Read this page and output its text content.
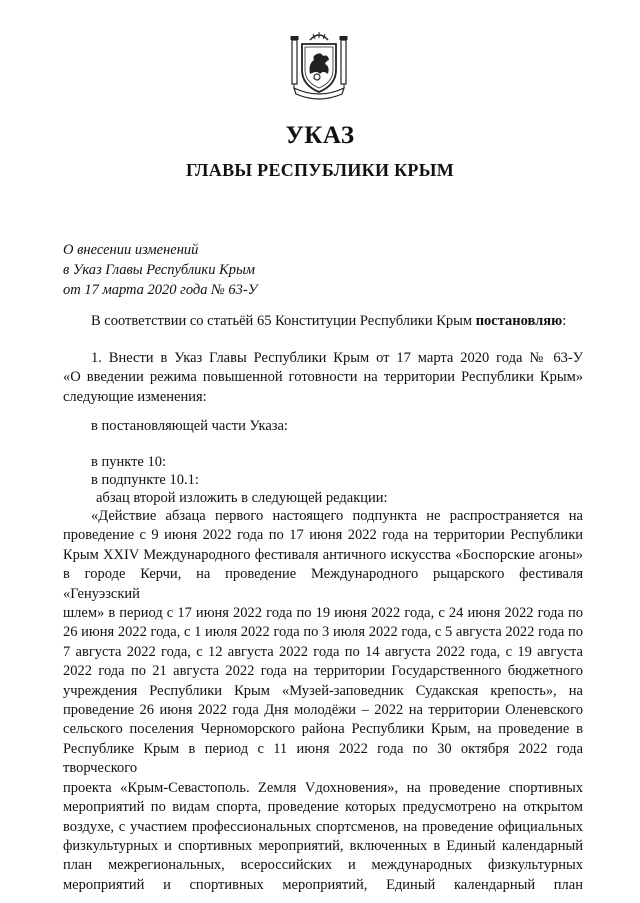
УКАЗ
ГЛАВЫ РЕСПУБЛИКИ КРЫМ
О внесении изменений
в Указ Главы Республики Крым
от 17 марта 2020 года № 63-У
В соответствии со статьёй 65 Конституции Республики Крым постановляю:
1. Внести в Указ Главы Республики Крым от 17 марта 2020 года № 63-У
«О введении режима повышенной готовности на территории Республики Крым»
следующие изменения:
в постановляющей части Указа:
в пункте 10:
в подпункте 10.1:
абзац второй изложить в следующей редакции:
«Действие абзаца первого настоящего подпункта не распространяется на
проведение с 9 июня 2022 года по 17 июня 2022 года на территории Республики
Крым XXIV Международного фестиваля античного искусства «Боспорские агоны»
в городе Керчи, на проведение Международного рыцарского фестиваля «Генуэзский
шлем» в период с 17 июня 2022 года по 19 июня 2022 года, с 24 июня 2022 года по
26 июня 2022 года, с 1 июля 2022 года по 3 июля 2022 года, с 5 августа 2022 года по
7 августа 2022 года, с 12 августа 2022 года по 14 августа 2022 года, с 19 августа
2022 года по 21 августа 2022 года на территории Государственного бюджетного
учреждения Республики Крым «Музей-заповедник Судакская крепость», на
проведение 26 июня 2022 года Дня молодёжи – 2022 на территории Оленевского
сельского поселения Черноморского района Республики Крым, на проведение в
Республике Крым в период с 11 июня 2022 года по 30 октября 2022 года творческого
проекта «Крым-Севастополь. Zемля Vдохновения», на проведение спортивных
мероприятий по видам спорта, проведение которых предусмотрено на открытом
воздухе, с участием профессиональных спортсменов, на проведение официальных
физкультурных и спортивных мероприятий, включенных в Единый календарный
план межрегиональных, всероссийских и международных физкультурных
мероприятий и спортивных мероприятий, Единый календарный план
